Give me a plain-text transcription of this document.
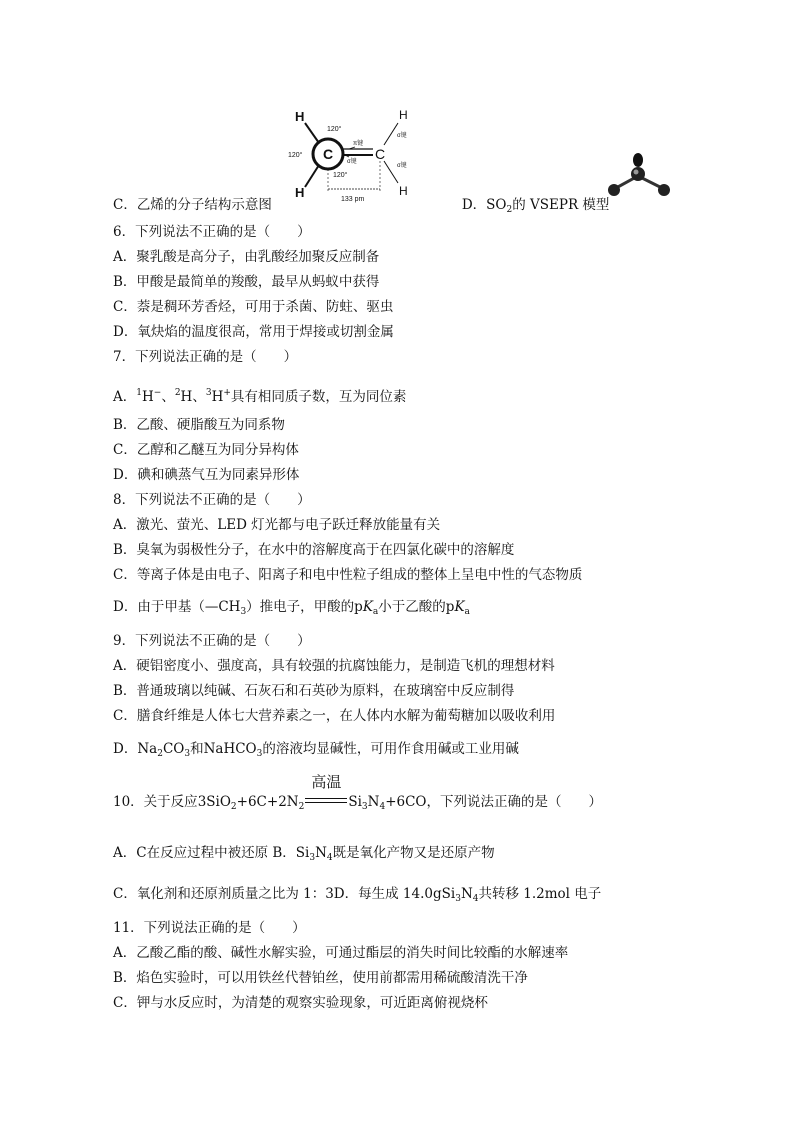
H
H
C	C
H
H
120°
120°
120°
π键
σ键
σ键
σ键
133 pm
C．乙烯的分子结构示意图	D．$SO_2$的 VSEPR 模型
6．下列说法不正确的是（　　）
A．聚乳酸是高分子，由乳酸经加聚反应制备
B．甲酸是最简单的羧酸，最早从蚂蚁中获得
C．萘是稠环芳香烃，可用于杀菌、防蛀、驱虫
D．氧炔焰的温度很高，常用于焊接或切割金属
7．下列说法正确的是（　　）
A．$^1$H−、$^2$H、$^3$H+具有相同质子数，互为同位素
B．乙酸、硬脂酸互为同系物
C．乙醇和乙醚互为同分异构体
D．碘和碘蒸气互为同素异形体
8．下列说法不正确的是（　　）
A．激光、萤光、LED 灯光都与电子跃迁释放能量有关
B．臭氧为弱极性分子，在水中的溶解度高于在四氯化碳中的溶解度
C．等离子体是由电子、阳离子和电中性粒子组成的整体上呈电中性的气态物质
D．由于甲基$(—CH_3)$推电子，甲酸的$pK_a$小于乙酸的$pK_a$
9．下列说法不正确的是（　　）
A．硬铝密度小、强度高，具有较强的抗腐蚀能力，是制造飞机的理想材料
B．普通玻璃以纯碱、石灰石和石英砂为原料，在玻璃窑中反应制得
C．膳食纤维是人体七大营养素之一，在人体内水解为葡萄糖加以吸收利用
D．$Na_2CO_3$和NaHCO$_3$的溶液均显碱性，可用作食用碱或工业用碱
10．关于反应$3SiO_2+6C+2N_2$
高温
$Si_3N_4+6CO$，下列说法正确的是（　　）
A．C在反应过程中被还原 B．$Si_3N_4$既是氧化产物又是还原产物
C．氧化剂和还原剂质量之比为 1：3D．每生成 $14.0gSi_3N_4$共转移 1.2mol 电子
11．下列说法正确的是（　　）
A．乙酸乙酯的酸、碱性水解实验，可通过酯层的消失时间比较酯的水解速率
B．焰色实验时，可以用铁丝代替铂丝，使用前都需用稀硫酸清洗干净
C．钾与水反应时，为清楚的观察实验现象，可近距离俯视烧杯
